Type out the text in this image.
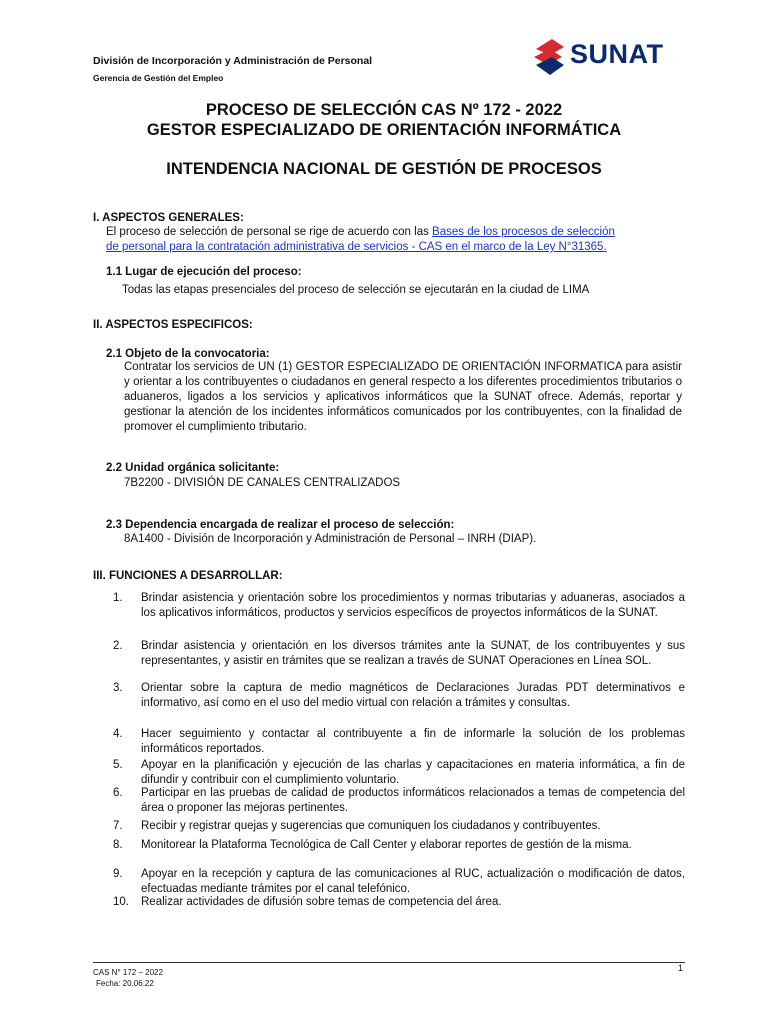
División de Incorporación y Administración de Personal
Gerencia de Gestión del Empleo
SUNAT
PROCESO DE SELECCIÓN CAS Nº 172 - 2022
GESTOR ESPECIALIZADO DE ORIENTACIÓN INFORMÁTICA
INTENDENCIA NACIONAL DE GESTIÓN DE PROCESOS
I. ASPECTOS GENERALES:
El proceso de selección de personal se rige de acuerdo con las Bases de los procesos de selección
de personal para la contratación administrativa de servicios - CAS en el marco de la Ley N°31365.
1.1 Lugar de ejecución del proceso:
Todas las etapas presenciales del proceso de selección se ejecutarán en la ciudad de LIMA
II. ASPECTOS ESPECIFICOS:
2.1 Objeto de la convocatoria:
Contratar los servicios de UN (1) GESTOR ESPECIALIZADO DE ORIENTACIÓN INFORMATICA para asistir y orientar a los contribuyentes o ciudadanos en general respecto a los diferentes procedimientos tributarios o aduaneros, ligados a los servicios y aplicativos informáticos que la SUNAT ofrece. Además, reportar y gestionar la atención de los incidentes informáticos comunicados por los contribuyentes, con la finalidad de promover el cumplimiento tributario.
2.2 Unidad orgánica solicitante:
7B2200 - DIVISIÓN DE CANALES CENTRALIZADOS
2.3 Dependencia encargada de realizar el proceso de selección:
8A1400 - División de Incorporación y Administración de Personal – INRH (DIAP).
III. FUNCIONES A DESARROLLAR:
1. Brindar asistencia y orientación sobre los procedimientos y normas tributarias y aduaneras, asociados a los aplicativos informáticos, productos y servicios específicos de proyectos informáticos de la SUNAT.
2. Brindar asistencia y orientación en los diversos trámites ante la SUNAT, de los contribuyentes y sus representantes, y asistir en trámites que se realizan a través de SUNAT Operaciones en Línea SOL.
3. Orientar sobre la captura de medio magnéticos de Declaraciones Juradas PDT determinativos e informativo, así como en el uso del medio virtual con relación a trámites y consultas.
4. Hacer seguimiento y contactar al contribuyente a fin de informarle la solución de los problemas informáticos reportados.
5. Apoyar en la planificación y ejecución de las charlas y capacitaciones en materia informática, a fin de difundir y contribuir con el cumplimiento voluntario.
6. Participar en las pruebas de calidad de productos informáticos relacionados a temas de competencia del área o proponer las mejoras pertinentes.
7. Recibir y registrar quejas y sugerencias que comuniquen los ciudadanos y contribuyentes.
8. Monitorear la Plataforma Tecnológica de Call Center y elaborar reportes de gestión de la misma.
9. Apoyar en la recepción y captura de las comunicaciones al RUC, actualización o modificación de datos, efectuadas mediante trámites por el canal telefónico.
10. Realizar actividades de difusión sobre temas de competencia del área.
CAS N° 172 – 2022
Fecha: 20.06.22
1
